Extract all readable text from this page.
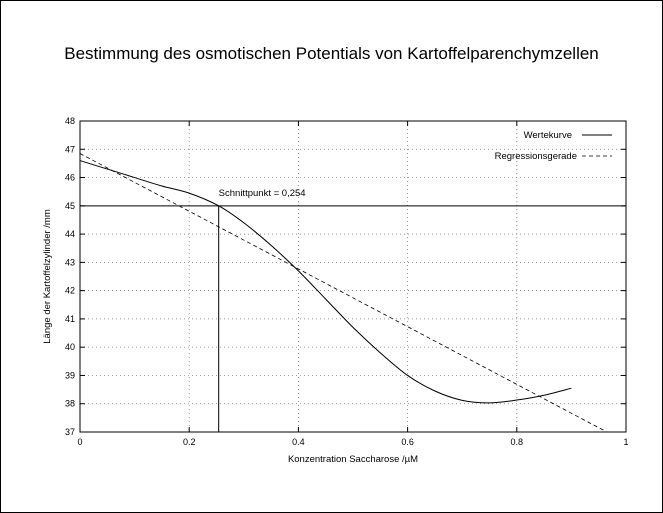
Bestimmung des osmotischen Potentials von Kartoffelparenchymzellen
0	0.2	0.4	0.6	0.8	1
37
38
39
40
41
42
43
44
45
46
47
48
Wertekurve
Regressionsgerade
Schnittpunkt = 0,254
Konzentration Saccharose /µM
Länge der Kartoffelzylinder /mm
